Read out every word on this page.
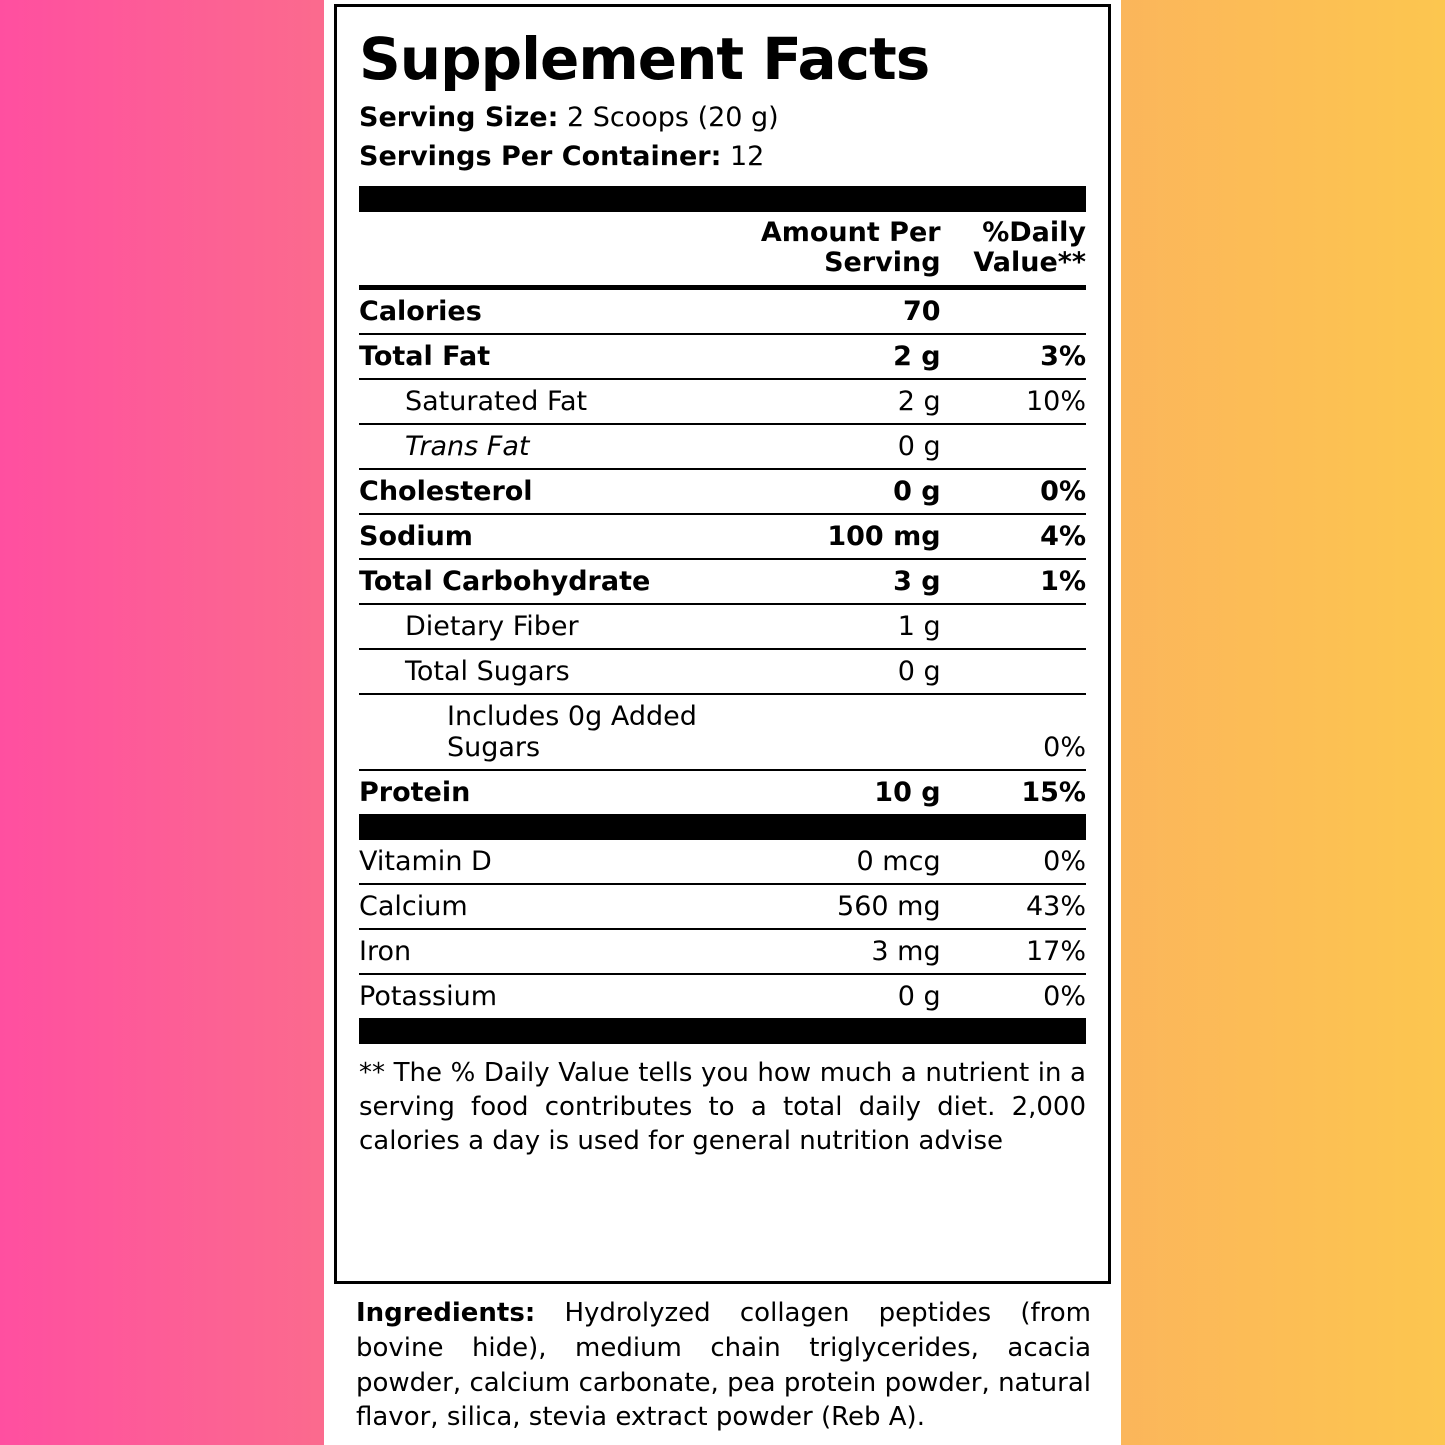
Supplement Facts
Serving Size: 2 Scoops (20 g)
Servings Per Container: 12
	Amount Per
Serving	%Daily
Value**
Calories	70	
Total Fat	2 g	3%
Saturated Fat	2 g	10%
Trans Fat	0 g	
Cholesterol	0 g	0%
Sodium	100 mg	4%
Total Carbohydrate	3 g	1%
Dietary Fiber	1 g	
Total Sugars	0 g	
Includes 0g Added Sugars		0%
Protein	10 g	15%
Vitamin D	0 mcg	0%
Calcium	560 mg	43%
Iron	3 mg	17%
Potassium	0 g	0%
** The % Daily Value tells you how much a nutrient in a serving food contributes to a total daily diet. 2,000 calories a day is used for general nutrition advise
Ingredients: Hydrolyzed collagen peptides (from bovine hide), medium chain triglycerides, acacia powder, calcium carbonate, pea protein powder, natural flavor, silica, stevia extract powder (Reb A).
